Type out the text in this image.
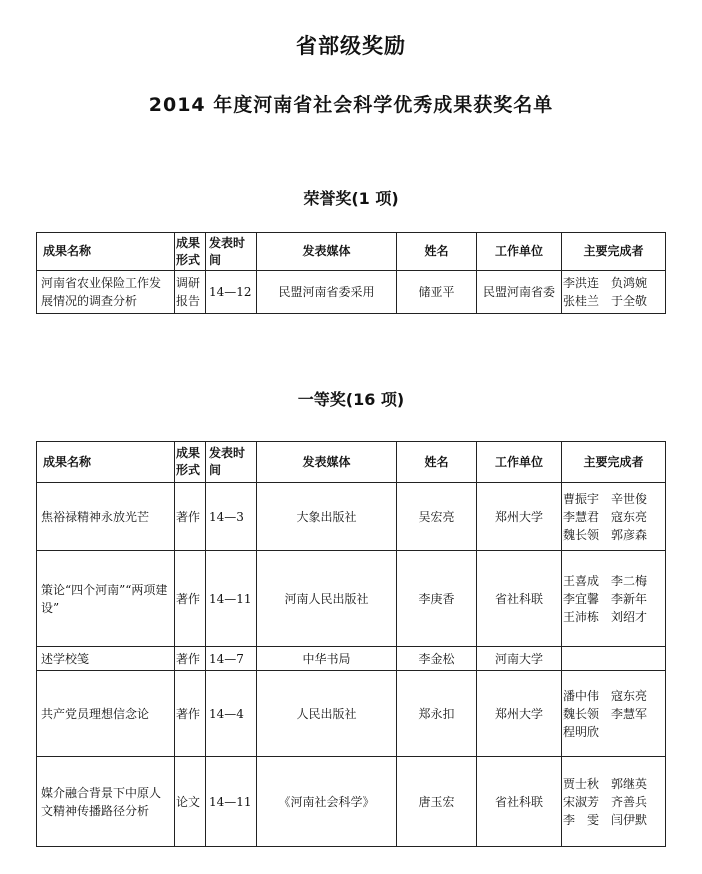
省部级奖励
2014 年度河南省社会科学优秀成果获奖名单
荣誉奖(1 项)
成果名称	成果形式	发表时间	发表媒体	姓名	工作单位	主要完成者
河南省农业保险工作发展情况的调查分析	调研报告	14—12	民盟河南省委采用	储亚平	民盟河南省委	李洪连　负鸿婉
张桂兰　于全敬
一等奖(16 项)
成果名称	成果形式	发表时间	发表媒体	姓名	工作单位	主要完成者
焦裕禄精神永放光芒	著作	14—3	大象出版社	吴宏亮	郑州大学	曹振宇　辛世俊
李慧君　寇东亮
魏长领　郭彦森

策论“四个河南”“两项建设”	著作	14—11	河南人民出版社	李庚香	省社科联	王喜成　李二梅
李宜馨　李新年
王沛栋　刘绍才

述学校笺	著作	14—7	中华书局	李金松	河南大学	
共产党员理想信念论	著作	14—4	人民出版社	郑永扣	郑州大学	潘中伟　寇东亮
魏长领　李慧军
程明欣

媒介融合背景下中原人文精神传播路径分析	论文	14—11	《河南社会科学》	唐玉宏	省社科联	贾士秋　郭继英
宋淑芳　齐善兵
李　雯　闫伊默
